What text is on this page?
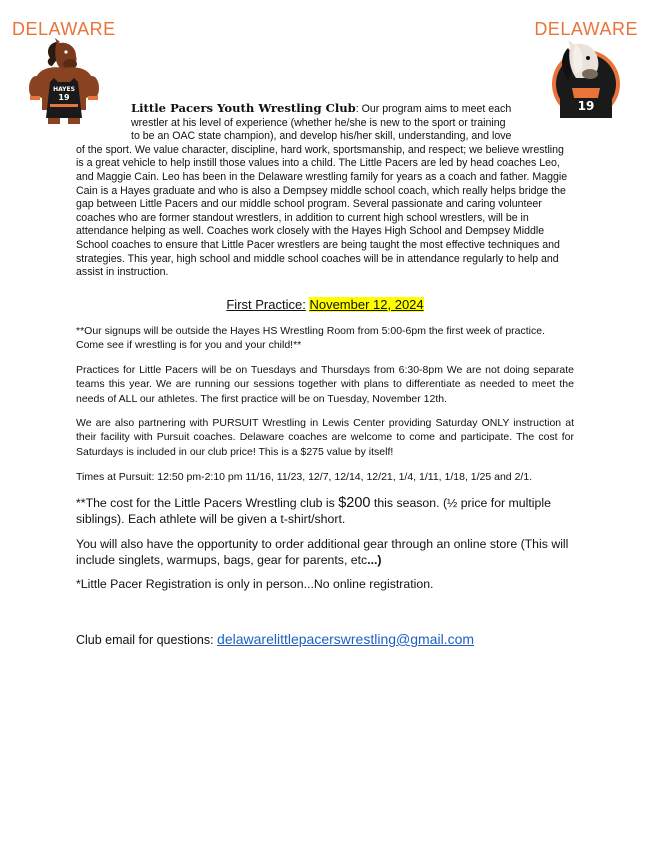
DELAWARE	DELAWARE
HAYES
19
19

Little Pacers Youth Wrestling Club: Our program aims to meet each
wrestler at his level of experience (whether he/she is new to the sport or training
to be an OAC state champion), and develop his/her skill, understanding, and love
of the sport. We value character, discipline, hard work, sportsmanship, and respect; we believe wrestling
is a great vehicle to help instill those values into a child. The Little Pacers are led by head coaches Leo,
and Maggie Cain. Leo has been in the Delaware wrestling family for years as a coach and father. Maggie
Cain is a Hayes graduate and who is also a Dempsey middle school coach, which really helps bridge the
gap between Little Pacers and our middle school program. Several passionate and caring volunteer
coaches who are former standout wrestlers, in addition to current high school wrestlers, will be in
attendance helping as well. Coaches work closely with the Hayes High School and Dempsey Middle
School coaches to ensure that Little Pacer wrestlers are being taught the most effective techniques and
strategies. This year, high school and middle school coaches will be in attendance regularly to help and
assist in instruction.

First Practice: November 12, 2024

**Our signups will be outside the Hayes HS Wrestling Room from 5:00-6pm the first week of practice. Come see if wrestling is for you and your child!**

Practices for Little Pacers will be on Tuesdays and Thursdays from 6:30-8pm We are not doing separate teams this year. We are running our sessions together with plans to differentiate as needed to meet the needs of ALL our athletes. The first practice will be on Tuesday, November 12th.

We are also partnering with PURSUIT Wrestling in Lewis Center providing Saturday ONLY instruction at their facility with Pursuit coaches. Delaware coaches are welcome to come and participate. The cost for Saturdays is included in our club price! This is a $275 value by itself!

Times at Pursuit: 12:50 pm-2:10 pm 11/16, 11/23, 12/7, 12/14, 12/21, 1/4, 1/11, 1/18, 1/25 and 2/1.

**The cost for the Little Pacers Wrestling club is $200 this season. (½ price for multiple siblings). Each athlete will be given a t-shirt/short.

You will also have the opportunity to order additional gear through an online store (This will include singlets, warmups, bags, gear for parents, etc...)

*Little Pacer Registration is only in person...No online registration.

Club email for questions: delawarelittlepacerswrestling@gmail.com
